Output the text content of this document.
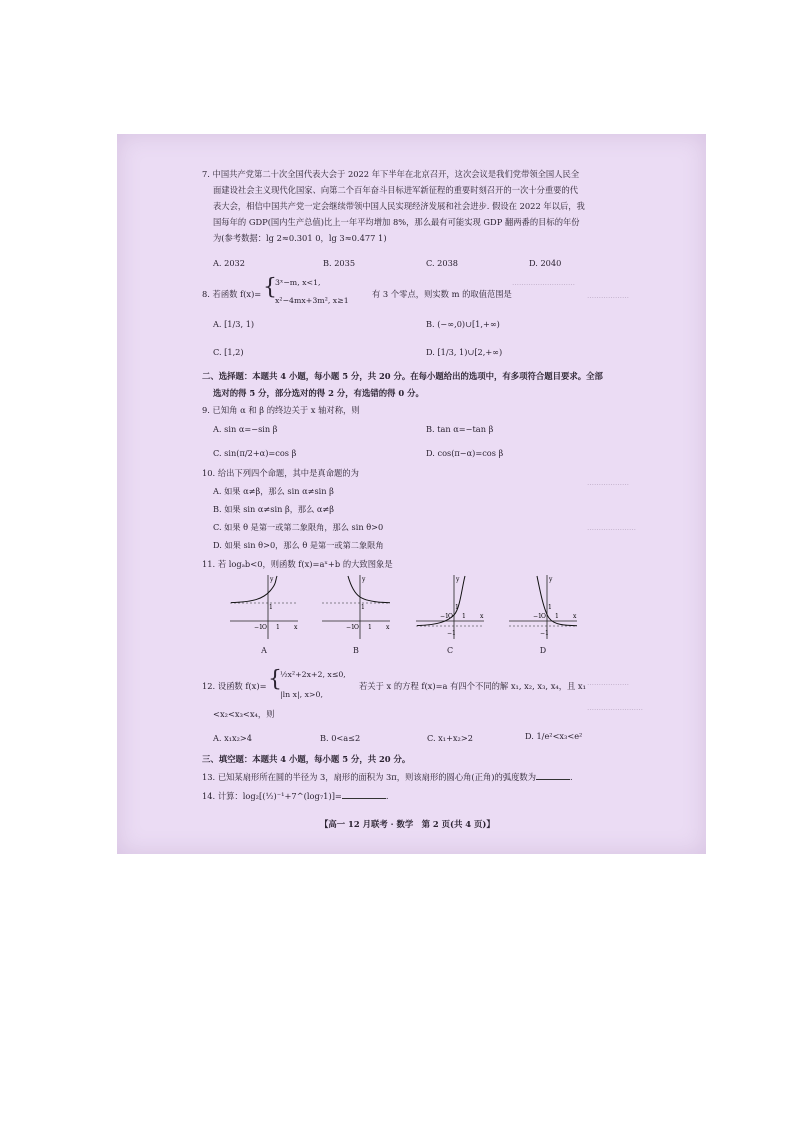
………………………
………………
………………
…………………
………………
……………………
7. 中国共产党第二十次全国代表大会于 2022 年下半年在北京召开，这次会议是我们党带领全国人民全
面建设社会主义现代化国家、向第二个百年奋斗目标进军新征程的重要时刻召开的一次十分重要的代
表大会，相信中国共产党一定会继续带领中国人民实现经济发展和社会进步. 假设在 2022 年以后，我
国每年的 GDP(国内生产总值)比上一年平均增加 8%，那么最有可能实现 GDP 翻两番的目标的年份
为(参考数据：lg 2≈0.301 0，lg 3≈0.477 1)
A. 2032	B. 2035	C. 2038	D. 2040
8. 若函数 f(x)= {
3ˣ−m, x<1,
x²−4mx+3m², x≥1
有 3 个零点，则实数 m 的取值范围是
A. [1/3, 1)	B. (−∞,0)∪[1,+∞)
C. [1,2)	D. [1/3, 1)∪[2,+∞)
二、选择题：本题共 4 小题，每小题 5 分，共 20 分。在每小题给出的选项中，有多项符合题目要求。全部
选对的得 5 分，部分选对的得 2 分，有选错的得 0 分。
9. 已知角 α 和 β 的终边关于 x 轴对称，则
A. sin α=−sin β	B. tan α=−tan β
C. sin(π/2+α)=cos β	D. cos(π−α)=cos β
10. 给出下列四个命题，其中是真命题的为
A. 如果 α≠β，那么 sin α≠sin β
B. 如果 sin α≠sin β，那么 α≠β
C. 如果 θ 是第一或第二象限角，那么 sin θ>0
D. 如果 sin θ>0，那么 θ 是第一或第二象限角
11. 若 logₐb<0，则函数 f(x)=aˣ+b 的大致图象是
y
x
−1 O 1
1
A
y
x
−1 O 1
1
B
y
x
−1 O 1
1
−1
C
y
x
−1 O 1
1
−1
D
12. 设函数 f(x)= {
½x²+2x+2, x≤0,
|ln x|, x>0,
若关于 x 的方程 f(x)=a 有四个不同的解 x₁, x₂, x₃, x₄，且 x₁
<x₂<x₃<x₄，则
A. x₁x₂>4	B. 0<a≤2	C. x₁+x₂>2	D. 1/e²<x₃<e²
三、填空题：本题共 4 小题，每小题 5 分，共 20 分。
13. 已知某扇形所在圆的半径为 3，扇形的面积为 3π，则该扇形的圆心角(正角)的弧度数为	.
14. 计算：log₂[(½)⁻¹+7^(log₇1)]=	.
【高一 12 月联考 · 数学　第 2 页(共 4 页)】
